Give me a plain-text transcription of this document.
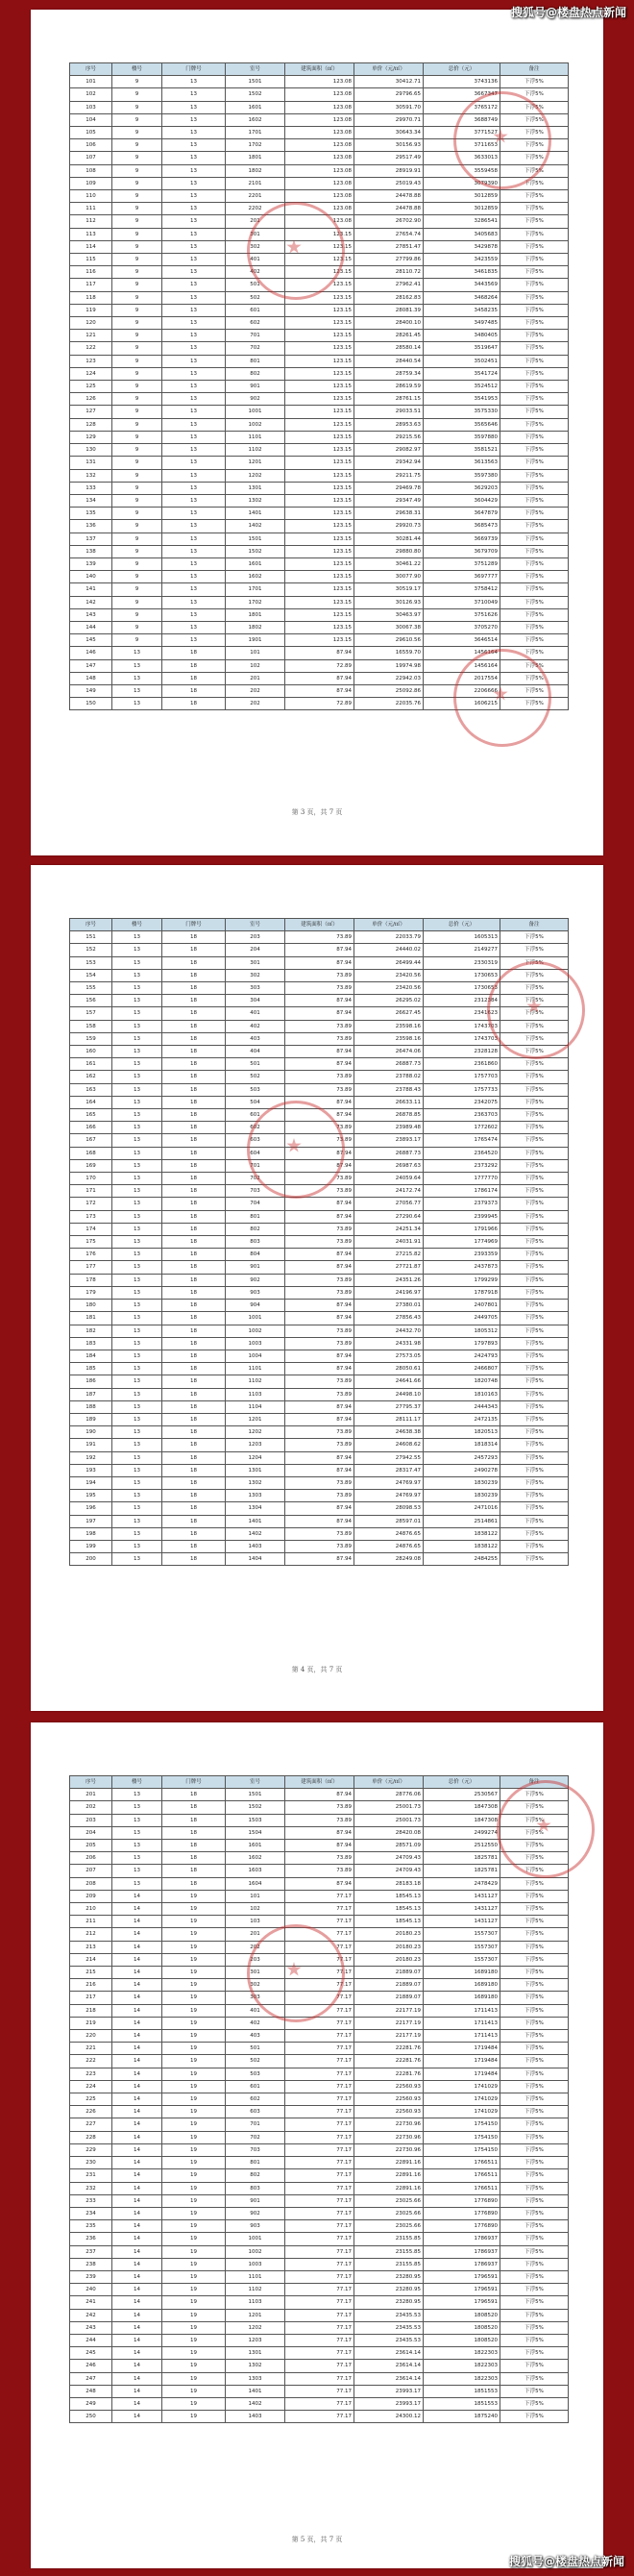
序号	楼号	门牌号	室号	建筑面积（㎡）	单价（元/㎡）	总价（元）	备注
101	9	13	1501	123.08	30412.71	3743136	下浮5%
102	9	13	1502	123.08	29796.65	3667347	下浮5%
103	9	13	1601	123.08	30591.70	3765172	下浮5%
104	9	13	1602	123.08	29970.71	3688749	下浮5%
105	9	13	1701	123.08	30643.34	3771527	下浮5%
106	9	13	1702	123.08	30156.93	3711653	下浮5%
107	9	13	1801	123.08	29517.49	3633013	下浮5%
108	9	13	1802	123.08	28919.91	3559458	下浮5%
109	9	13	2101	123.08	25019.43	3079390	下浮5%
110	9	13	2201	123.08	24478.88	3012859	下浮5%
111	9	13	2202	123.08	24478.88	3012859	下浮5%
112	9	13	201	123.08	26702.90	3286541	下浮5%
113	9	13	301	123.15	27654.74	3405683	下浮5%
114	9	13	302	123.15	27851.47	3429878	下浮5%
115	9	13	401	123.15	27799.86	3423559	下浮5%
116	9	13	402	123.15	28110.72	3461835	下浮5%
117	9	13	501	123.15	27962.41	3443569	下浮5%
118	9	13	502	123.15	28162.83	3468264	下浮5%
119	9	13	601	123.15	28081.39	3458235	下浮5%
120	9	13	602	123.15	28400.10	3497485	下浮5%
121	9	13	701	123.15	28261.45	3480405	下浮5%
122	9	13	702	123.15	28580.14	3519647	下浮5%
123	9	13	801	123.15	28440.54	3502451	下浮5%
124	9	13	802	123.15	28759.34	3541724	下浮5%
125	9	13	901	123.15	28619.59	3524512	下浮5%
126	9	13	902	123.15	28761.15	3541953	下浮5%
127	9	13	1001	123.15	29033.51	3575330	下浮5%
128	9	13	1002	123.15	28953.63	3565646	下浮5%
129	9	13	1101	123.15	29215.56	3597880	下浮5%
130	9	13	1102	123.15	29082.97	3581521	下浮5%
131	9	13	1201	123.15	29342.94	3613563	下浮5%
132	9	13	1202	123.15	29211.75	3597380	下浮5%
133	9	13	1301	123.15	29469.78	3629203	下浮5%
134	9	13	1302	123.15	29347.49	3604429	下浮5%
135	9	13	1401	123.15	29638.31	3647879	下浮5%
136	9	13	1402	123.15	29920.73	3685473	下浮5%
137	9	13	1501	123.15	30281.44	3669739	下浮5%
138	9	13	1502	123.15	29880.80	3679709	下浮5%
139	9	13	1601	123.15	30461.22	3751289	下浮5%
140	9	13	1602	123.15	30077.90	3697777	下浮5%
141	9	13	1701	123.15	30519.17	3758412	下浮5%
142	9	13	1702	123.15	30126.93	3710049	下浮5%
143	9	13	1801	123.15	30463.97	3751626	下浮5%
144	9	13	1802	123.15	30067.38	3705270	下浮5%
145	9	13	1901	123.15	29610.56	3646514	下浮5%
146	13	18	101	87.94	16559.70	1456164	下浮5%
147	13	18	102	72.89	19974.98	1456164	下浮5%
148	13	18	201	87.94	22942.03	2017554	下浮5%
149	13	18	202	87.94	25092.86	2206666	下浮5%
150	13	18	202	72.89	22035.76	1606215	下浮5%
第 3 页，共 7 页
序号	楼号	门牌号	室号	建筑面积（㎡）	单价（元/㎡）	总价（元）	备注
151	13	18	203	73.89	22033.79	1605313	下浮5%
152	13	18	204	87.94	24440.02	2149277	下浮5%
153	13	18	301	87.94	26499.44	2330319	下浮5%
154	13	18	302	73.89	23420.56	1730653	下浮5%
155	13	18	303	73.89	23420.56	1730653	下浮5%
156	13	18	304	87.94	26295.02	2312384	下浮5%
157	13	18	401	87.94	26627.45	2341623	下浮5%
158	13	18	402	73.89	23598.16	1743703	下浮5%
159	13	18	403	73.89	23598.16	1743703	下浮5%
160	13	18	404	87.94	26474.06	2328128	下浮5%
161	13	18	501	87.94	26887.73	2361860	下浮5%
162	13	18	502	73.89	23788.02	1757703	下浮5%
163	13	18	503	73.89	23788.43	1757733	下浮5%
164	13	18	504	87.94	26633.11	2342075	下浮5%
165	13	18	601	87.94	26878.85	2363703	下浮5%
166	13	18	602	73.89	23989.48	1772602	下浮5%
167	13	18	603	73.89	23893.17	1765474	下浮5%
168	13	18	604	87.94	26887.73	2364520	下浮5%
169	13	18	701	87.94	26987.63	2373292	下浮5%
170	13	18	702	73.89	24059.64	1777770	下浮5%
171	13	18	703	73.89	24172.74	1786174	下浮5%
172	13	18	704	87.94	27056.77	2379373	下浮5%
173	13	18	801	87.94	27290.64	2399945	下浮5%
174	13	18	802	73.89	24251.34	1791966	下浮5%
175	13	18	803	73.89	24031.91	1774969	下浮5%
176	13	18	804	87.94	27215.82	2393359	下浮5%
177	13	18	901	87.94	27721.87	2437873	下浮5%
178	13	18	902	73.89	24351.26	1799299	下浮5%
179	13	18	903	73.89	24196.97	1787918	下浮5%
180	13	18	904	87.94	27380.01	2407801	下浮5%
181	13	18	1001	87.94	27856.43	2449705	下浮5%
182	13	18	1002	73.89	24432.70	1805312	下浮5%
183	13	18	1003	73.89	24331.98	1797893	下浮5%
184	13	18	1004	87.94	27573.05	2424793	下浮5%
185	13	18	1101	87.94	28050.61	2466807	下浮5%
186	13	18	1102	73.89	24641.66	1820748	下浮5%
187	13	18	1103	73.89	24498.10	1810163	下浮5%
188	13	18	1104	87.94	27795.37	2444343	下浮5%
189	13	18	1201	87.94	28111.17	2472135	下浮5%
190	13	18	1202	73.89	24638.38	1820513	下浮5%
191	13	18	1203	73.89	24608.62	1818314	下浮5%
192	13	18	1204	87.94	27942.55	2457293	下浮5%
193	13	18	1301	87.94	28317.47	2490278	下浮5%
194	13	18	1302	73.89	24769.97	1830239	下浮5%
195	13	18	1303	73.89	24769.97	1830239	下浮5%
196	13	18	1304	87.94	28098.53	2471016	下浮5%
197	13	18	1401	87.94	28597.01	2514861	下浮5%
198	13	18	1402	73.89	24876.65	1838122	下浮5%
199	13	18	1403	73.89	24876.65	1838122	下浮5%
200	13	18	1404	87.94	28249.08	2484255	下浮5%
第 4 页，共 7 页
序号	楼号	门牌号	室号	建筑面积（㎡）	单价（元/㎡）	总价（元）	备注
201	13	18	1501	87.94	28776.06	2530567	下浮5%
202	13	18	1502	73.89	25001.73	1847308	下浮5%
203	13	18	1503	73.89	25001.73	1847308	下浮5%
204	13	18	1504	87.94	28420.08	2499274	下浮5%
205	13	18	1601	87.94	28571.09	2512550	下浮5%
206	13	18	1602	73.89	24709.43	1825781	下浮5%
207	13	18	1603	73.89	24709.43	1825781	下浮5%
208	13	18	1604	87.94	28183.18	2478429	下浮5%
209	14	19	101	77.17	18545.13	1431127	下浮5%
210	14	19	102	77.17	18545.13	1431127	下浮5%
211	14	19	103	77.17	18545.13	1431127	下浮5%
212	14	19	201	77.17	20180.23	1557307	下浮5%
213	14	19	202	77.17	20180.23	1557307	下浮5%
214	14	19	203	77.17	20180.23	1557307	下浮5%
215	14	19	301	77.17	21889.07	1689180	下浮5%
216	14	19	302	77.17	21889.07	1689180	下浮5%
217	14	19	303	77.17	21889.07	1689180	下浮5%
218	14	19	401	77.17	22177.19	1711413	下浮5%
219	14	19	402	77.17	22177.19	1711413	下浮5%
220	14	19	403	77.17	22177.19	1711413	下浮5%
221	14	19	501	77.17	22281.76	1719484	下浮5%
222	14	19	502	77.17	22281.76	1719484	下浮5%
223	14	19	503	77.17	22281.76	1719484	下浮5%
224	14	19	601	77.17	22560.93	1741029	下浮5%
225	14	19	602	77.17	22560.93	1741029	下浮5%
226	14	19	603	77.17	22560.93	1741029	下浮5%
227	14	19	701	77.17	22730.96	1754150	下浮5%
228	14	19	702	77.17	22730.96	1754150	下浮5%
229	14	19	703	77.17	22730.96	1754150	下浮5%
230	14	19	801	77.17	22891.16	1766511	下浮5%
231	14	19	802	77.17	22891.16	1766511	下浮5%
232	14	19	803	77.17	22891.16	1766511	下浮5%
233	14	19	901	77.17	23025.66	1776890	下浮5%
234	14	19	902	77.17	23025.66	1776890	下浮5%
235	14	19	903	77.17	23025.66	1776890	下浮5%
236	14	19	1001	77.17	23155.85	1786937	下浮5%
237	14	19	1002	77.17	23155.85	1786937	下浮5%
238	14	19	1003	77.17	23155.85	1786937	下浮5%
239	14	19	1101	77.17	23280.95	1796591	下浮5%
240	14	19	1102	77.17	23280.95	1796591	下浮5%
241	14	19	1103	77.17	23280.95	1796591	下浮5%
242	14	19	1201	77.17	23435.53	1808520	下浮5%
243	14	19	1202	77.17	23435.53	1808520	下浮5%
244	14	19	1203	77.17	23435.53	1808520	下浮5%
245	14	19	1301	77.17	23614.14	1822303	下浮5%
246	14	19	1302	77.17	23614.14	1822303	下浮5%
247	14	19	1303	77.17	23614.14	1822303	下浮5%
248	14	19	1401	77.17	23993.17	1851553	下浮5%
249	14	19	1402	77.17	23993.17	1851553	下浮5%
250	14	19	1403	77.17	24300.12	1875240	下浮5%
第 5 页，共 7 页
搜狐号@楼盘热点新闻
搜狐号@楼盘热点新闻
